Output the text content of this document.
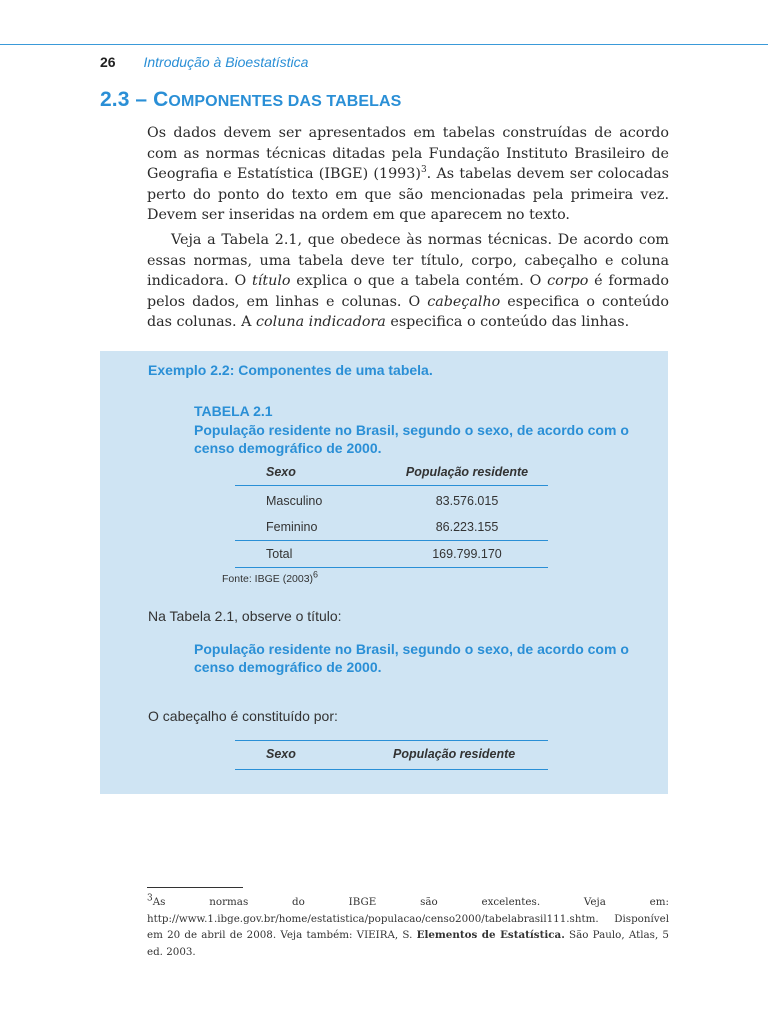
26 Introdução à Bioestatística
2.3 – COMPONENTES DAS TABELAS

Os dados devem ser apresentados em tabelas construídas de acordo com as normas técnicas ditadas pela Fundação Instituto Brasileiro de Geografia e Estatística (IBGE) $(1993)^3$. As tabelas devem ser colocadas perto do ponto do texto em que são mencionadas pela primeira vez. Devem ser inseridas na ordem em que aparecem no texto.

Veja a Tabela 2.1, que obedece às normas técnicas. De acordo com essas normas, uma tabela deve ter título, corpo, cabeçalho e coluna indicadora. O título explica o que a tabela contém. O corpo é formado pelos dados, em linhas e colunas. O cabeçalho especifica o conteúdo das colunas. A coluna indicadora especifica o conteúdo das linhas.

Exemplo 2.2: Componentes de uma tabela.
TABELA 2.1
População residente no Brasil, segundo o sexo, de acordo com o censo demográfico de 2000.
Sexo	População residente
Masculino	83.576.015
Feminino	86.223.155
Total	169.799.170
Fonte: IBGE $(2003)^6$
Na Tabela 2.1, observe o título:
População residente no Brasil, segundo o sexo, de acordo com o censo demográfico de 2000.
O cabeçalho é constituído por:
Sexo	População residente
$^3$As normas do IBGE são excelentes. Veja em: http://www.1.ibge.gov.br/home/estatistica/populacao/censo2000/tabelabrasil111.shtm. Disponível em 20 de abril de 2008. Veja também: VIEIRA, S. Elementos de Estatística. São Paulo, Atlas, 5 ed. 2003.
